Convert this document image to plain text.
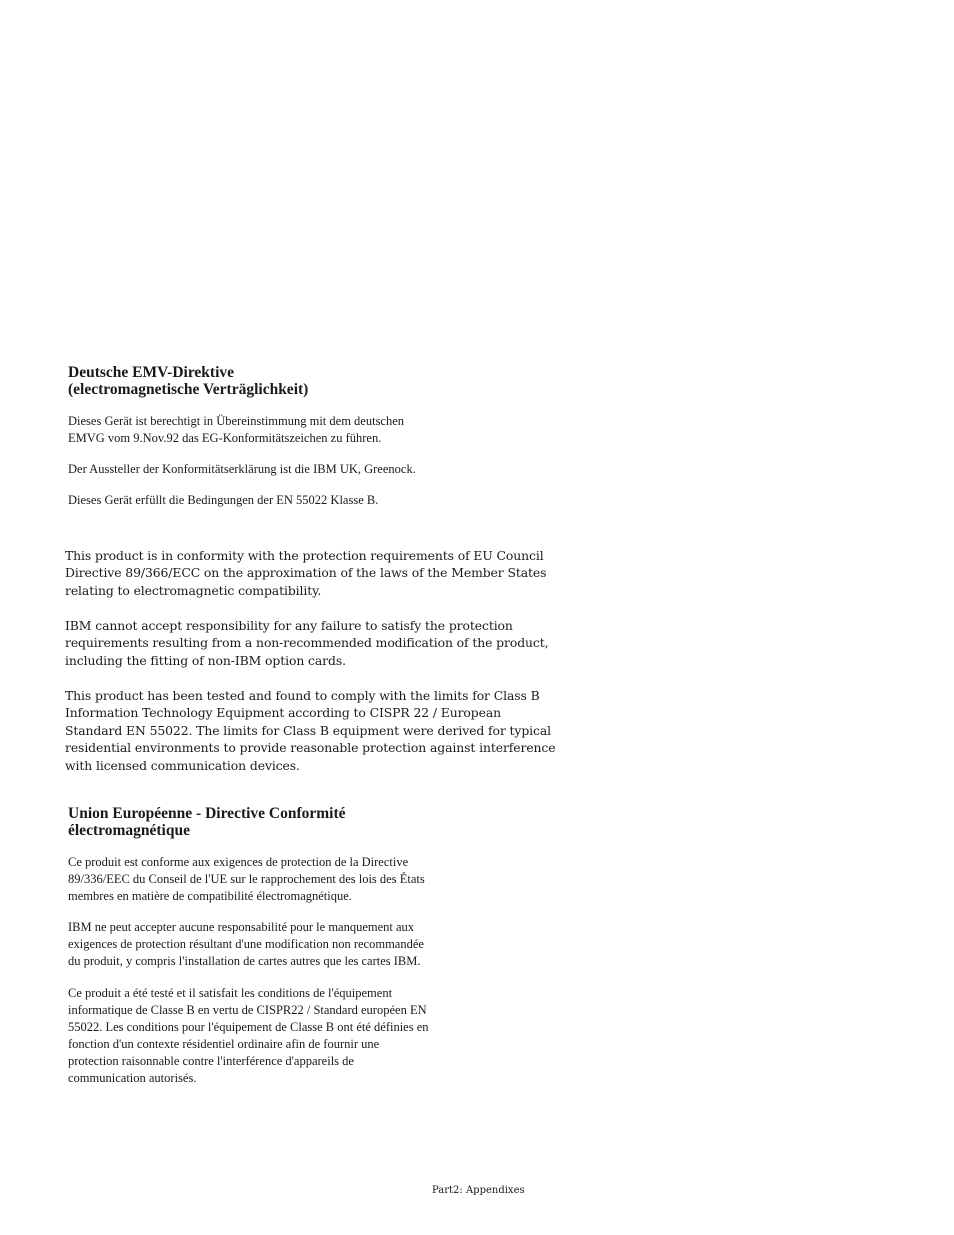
Deutsche EMV-Direktive
(electromagnetische Verträglichkeit)

Dieses Gerät ist berechtigt in Übereinstimmung mit dem deutschen
EMVG vom 9.Nov.92 das EG-Konformitätszeichen zu führen.

Der Aussteller der Konformitätserklärung ist die IBM UK, Greenock.

Dieses Gerät erfüllt die Bedingungen der EN 55022 Klasse B.

This product is in conformity with the protection requirements of EU Council
Directive 89/366/ECC on the approximation of the laws of the Member States
relating to electromagnetic compatibility.

IBM cannot accept responsibility for any failure to satisfy the protection
requirements resulting from a non-recommended modification of the product,
including the fitting of non-IBM option cards.

This product has been tested and found to comply with the limits for Class B
Information Technology Equipment according to CISPR 22 / European
Standard EN 55022. The limits for Class B equipment were derived for typical
residential environments to provide reasonable protection against interference
with licensed communication devices.

Union Européenne - Directive Conformité
électromagnétique

Ce produit est conforme aux exigences de protection de la Directive
89/336/EEC du Conseil de l'UE sur le rapprochement des lois des États
membres en matière de compatibilité électromagnétique.

IBM ne peut accepter aucune responsabilité pour le manquement aux
exigences de protection résultant d'une modification non recommandée
du produit, y compris l'installation de cartes autres que les cartes IBM.

Ce produit a été testé et il satisfait les conditions de l'équipement
informatique de Classe B en vertu de CISPR22 / Standard européen EN
55022. Les conditions pour l'équipement de Classe B ont été définies en
fonction d'un contexte résidentiel ordinaire afin de fournir une
protection raisonnable contre l'interférence d'appareils de
communication autorisés.

Part2: Appendixes
